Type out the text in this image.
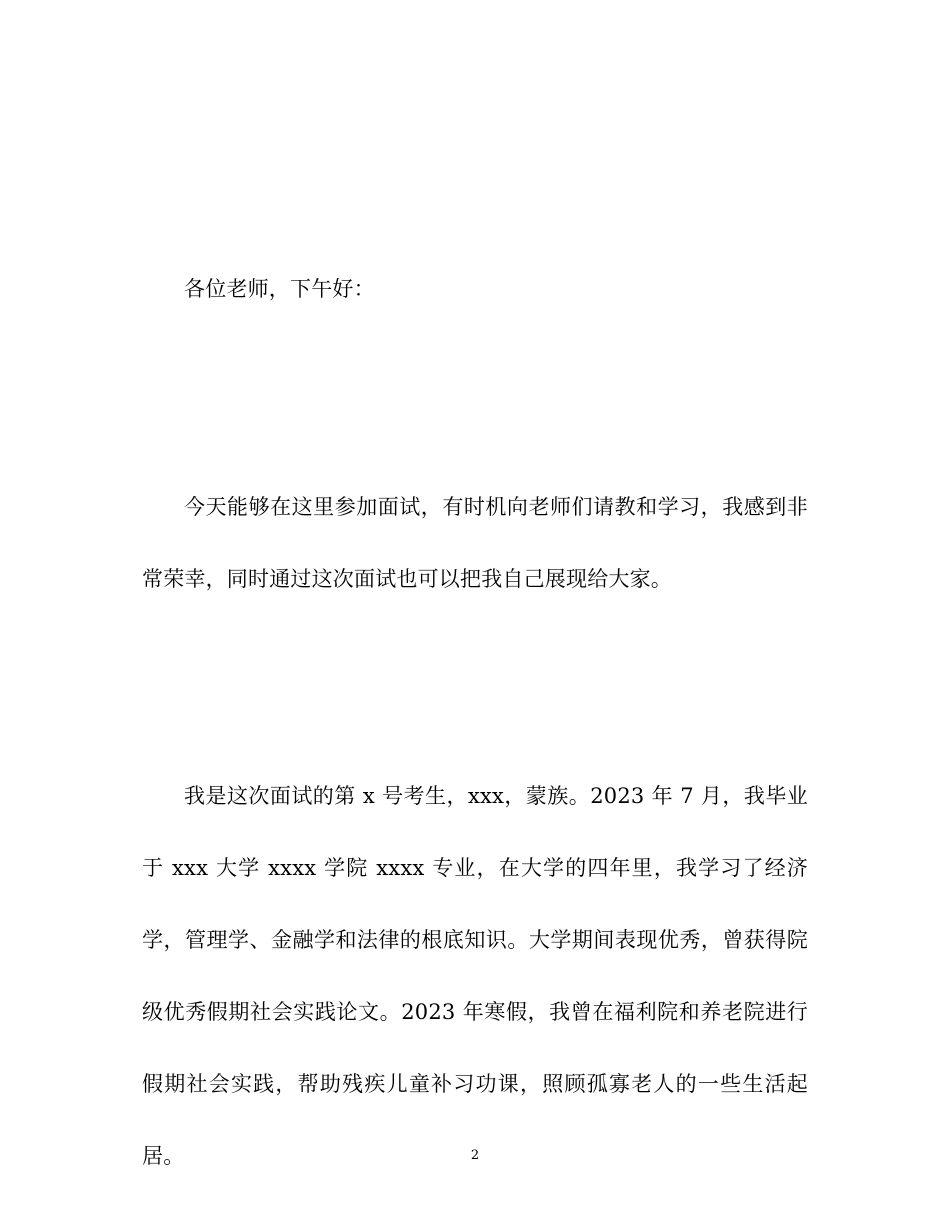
各位老师，下午好：

今天能够在这里参加面试，有时机向老师们请教和学习，我感到非常荣幸，同时通过这次面试也可以把我自己展现给大家。

我是这次面试的第 x 号考生，xxx，蒙族。2023 年 7 月，我毕业于 xxx 大学 xxxx 学院 xxxx 专业，在大学的四年里，我学习了经济学，管理学、金融学和法律的根底知识。大学期间表现优秀，曾获得院级优秀假期社会实践论文。2023 年寒假，我曾在福利院和养老院进行假期社会实践，帮助残疾儿童补习功课，照顾孤寡老人的一些生活起居。	2
